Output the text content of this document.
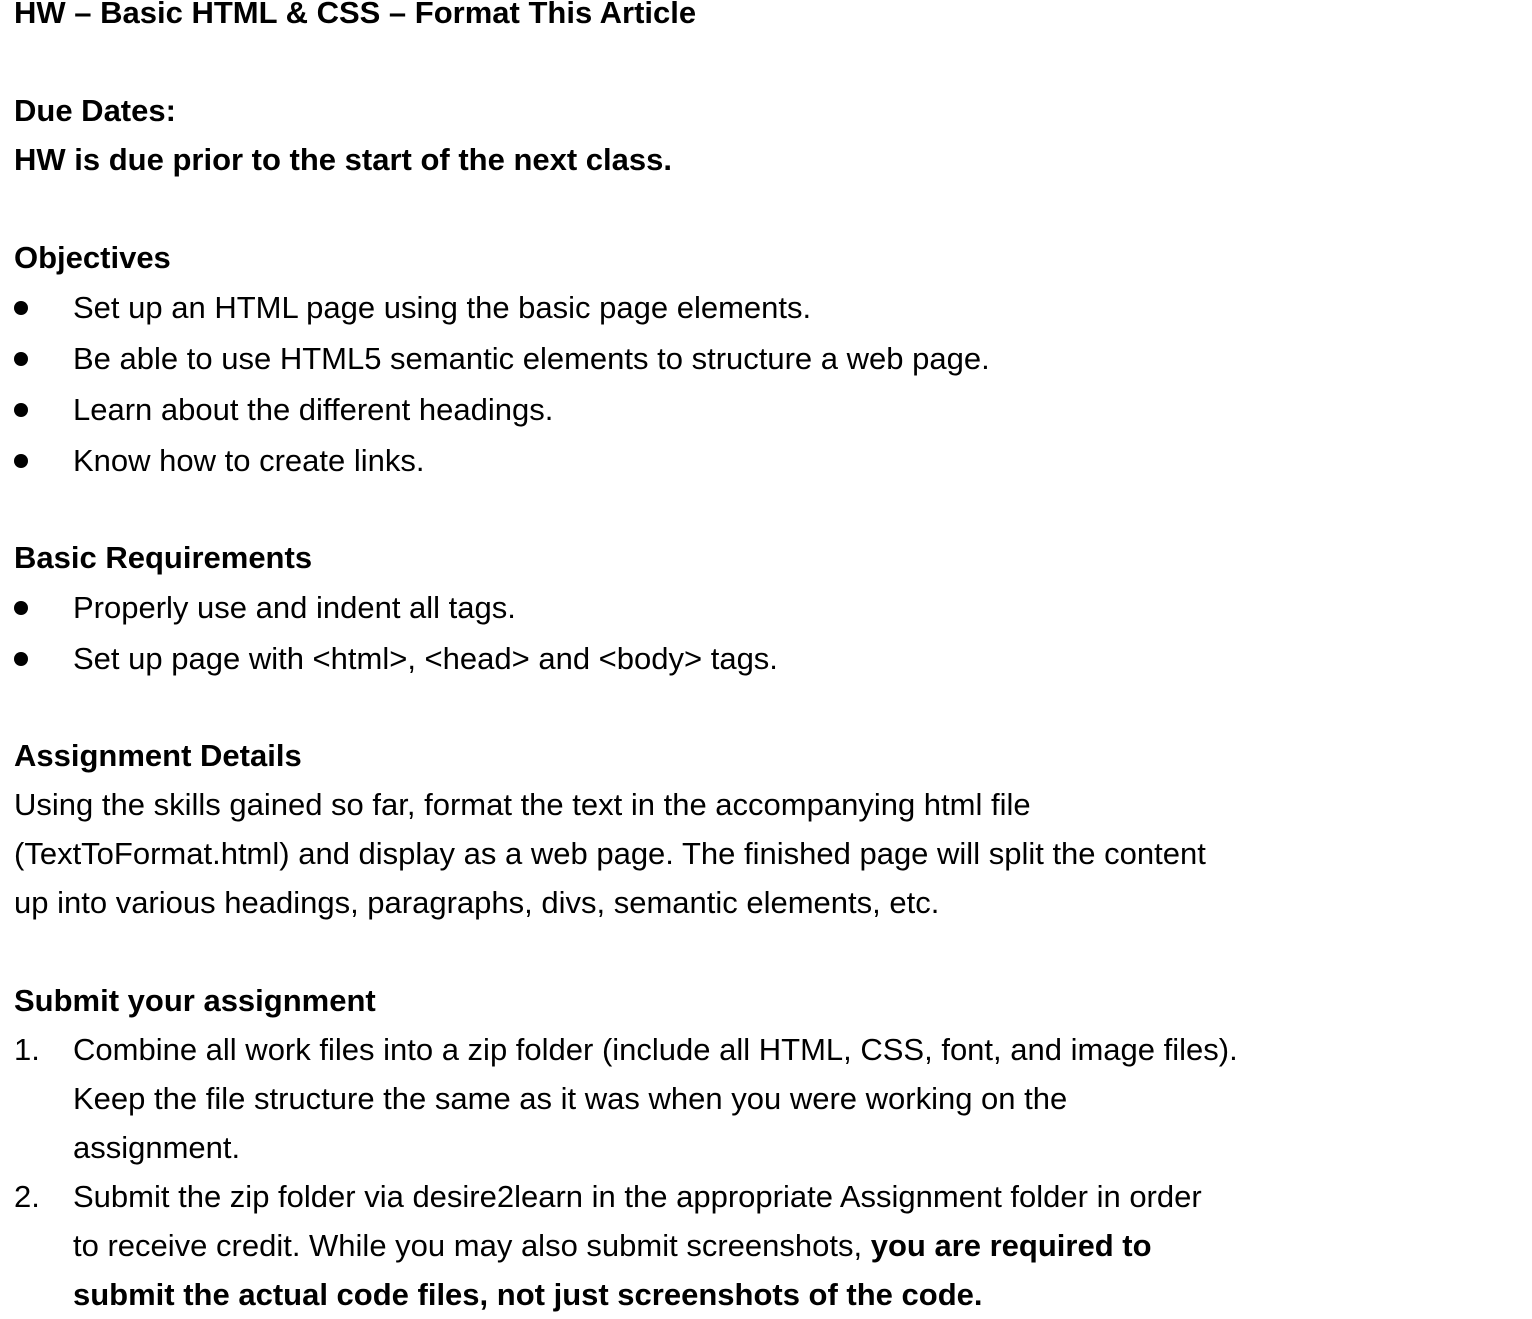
HW – Basic HTML & CSS – Format This Article

Due Dates:

HW is due prior to the start of the next class.

Objectives

Set up an HTML page using the basic page elements.
Be able to use HTML5 semantic elements to structure a web page.
Learn about the different headings.
Know how to create links.

Basic Requirements

Properly use and indent all tags.
Set up page with <html>, <head> and <body> tags.

Assignment Details

Using the skills gained so far, format the text in the accompanying html file

(TextToFormat.html) and display as a web page. The finished page will split the content

up into various headings, paragraphs, divs, semantic elements, etc.

Submit your assignment

1. Combine all work files into a zip folder (include all HTML, CSS, font, and image files).
Keep the file structure the same as it was when you were working on the
assignment.
2. Submit the zip folder via desire2learn in the appropriate Assignment folder in order
to receive credit. While you may also submit screenshots, you are required to
submit the actual code files, not just screenshots of the code.
